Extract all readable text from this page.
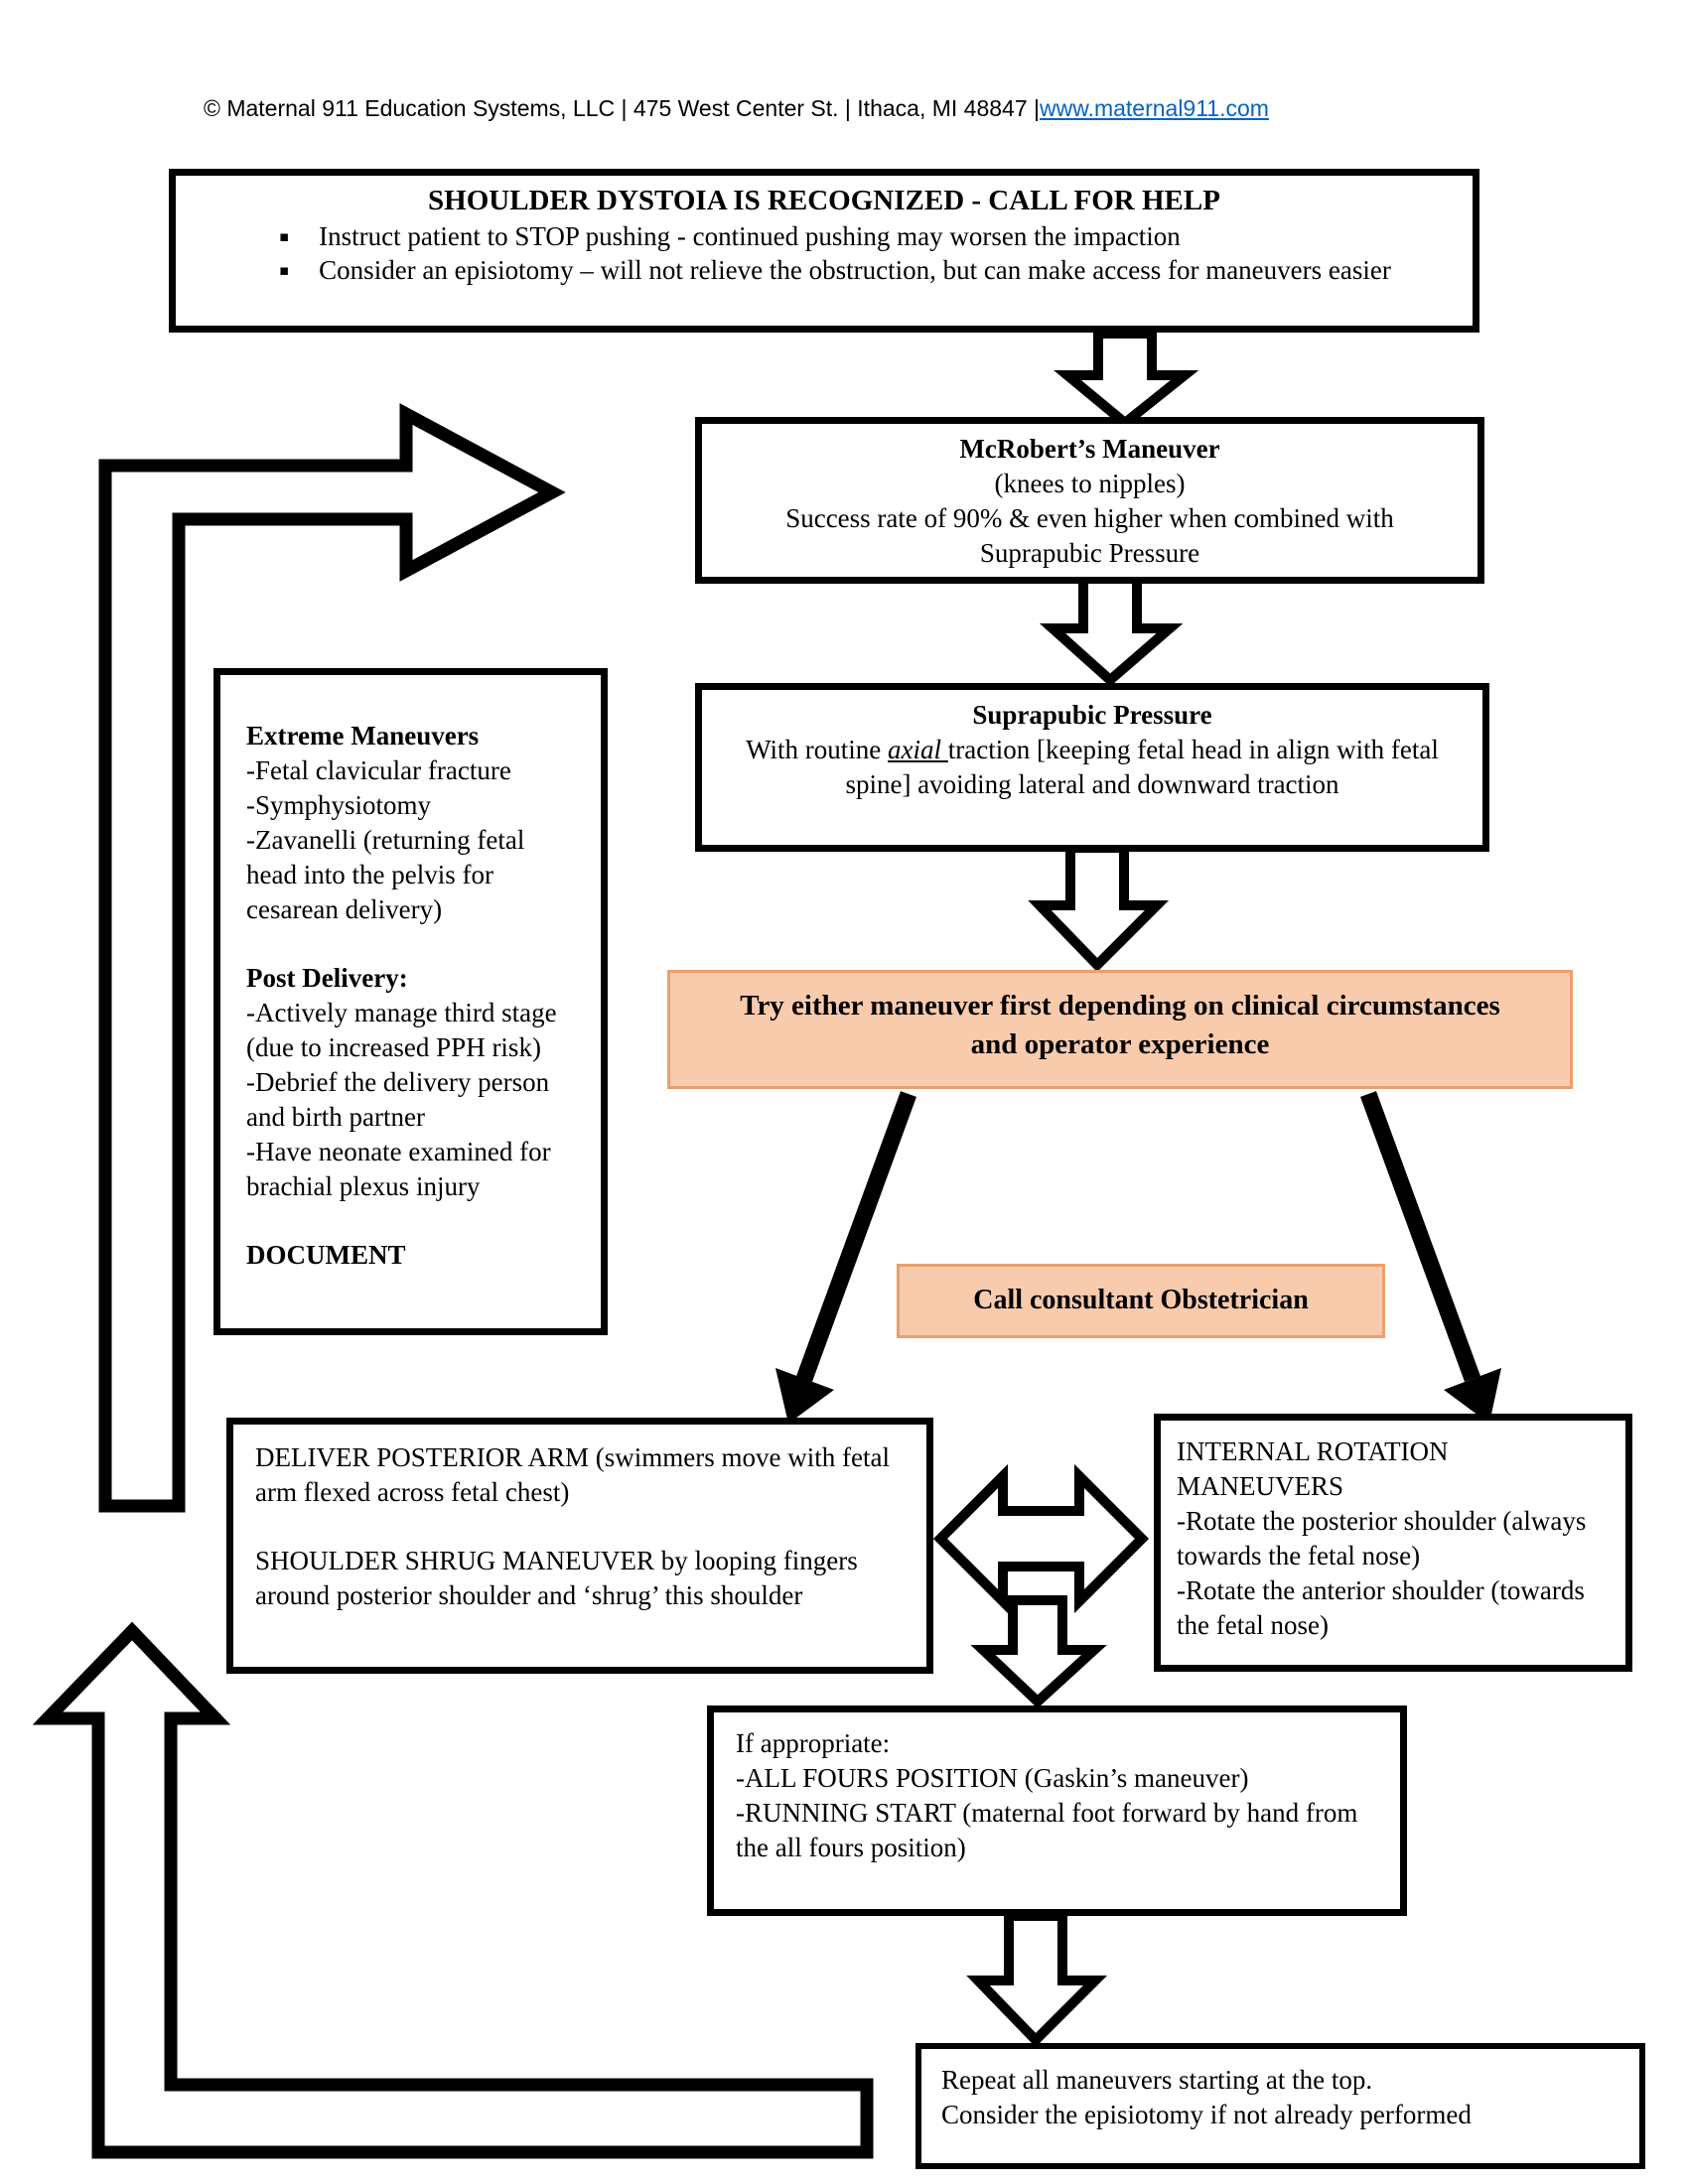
© Maternal 911 Education Systems, LLC | 475 West Center St. | Ithaca, MI 48847 |www.maternal911.com
SHOULDER DYSTOIA IS RECOGNIZED - CALL FOR HELP
▪ Instruct patient to STOP pushing - continued pushing may worsen the impaction
▪ Consider an episiotomy – will not relieve the obstruction, but can make access for maneuvers easier
McRobert’s Maneuver
(knees to nipples)
Success rate of 90% & even higher when combined with Suprapubic Pressure
Suprapubic Pressure
With routine axial traction [keeping fetal head in align with fetal spine] avoiding lateral and downward traction
Try either maneuver first depending on clinical circumstances and operator experience
Extreme Maneuvers
-Fetal clavicular fracture
-Symphysiotomy
-Zavanelli (returning fetal head into the pelvis for cesarean delivery)
Post Delivery:
-Actively manage third stage (due to increased PPH risk)
-Debrief the delivery person and birth partner
-Have neonate examined for brachial plexus injury
DOCUMENT
Call consultant Obstetrician
DELIVER POSTERIOR ARM (swimmers move with fetal arm flexed across fetal chest)
SHOULDER SHRUG MANEUVER by looping fingers around posterior shoulder and ‘shrug’ this shoulder
INTERNAL ROTATION MANEUVERS
-Rotate the posterior shoulder (always towards the fetal nose)
-Rotate the anterior shoulder (towards the fetal nose)
If appropriate:
-ALL FOURS POSITION (Gaskin’s maneuver)
-RUNNING START (maternal foot forward by hand from the all fours position)
Repeat all maneuvers starting at the top.
Consider the episiotomy if not already performed
